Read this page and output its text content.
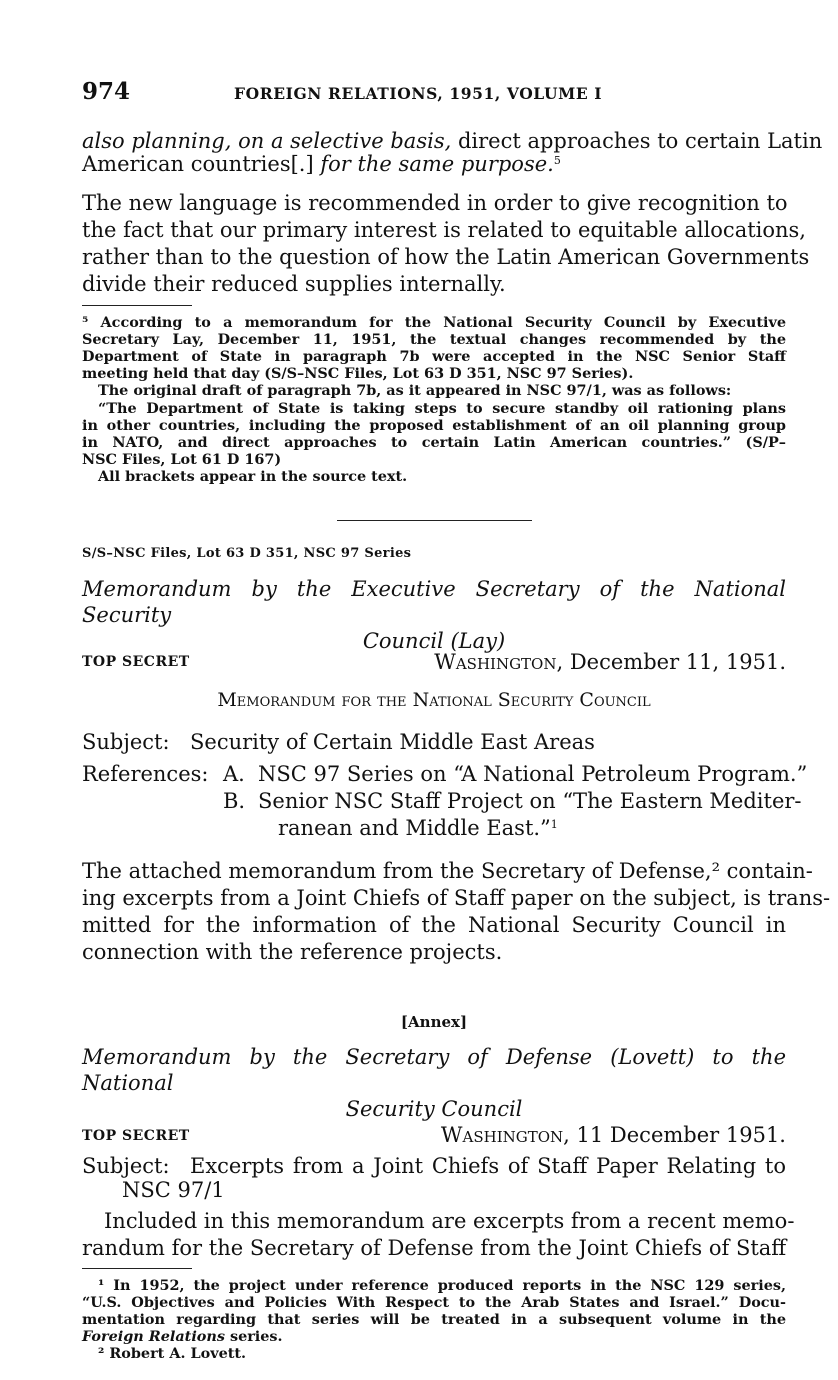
974	FOREIGN RELATIONS, 1951, VOLUME I
also planning, on a selective basis, direct approaches to certain Latin
American countries[.] for the same purpose.$^5$
The new language is recommended in order to give recognition to
the fact that our primary interest is related to equitable allocations,
rather than to the question of how the Latin American Governments
divide their reduced supplies internally.
⁵ According to a memorandum for the National Security Council by Executive
Secretary Lay, December 11, 1951, the textual changes recommended by the
Department of State in paragraph 7b were accepted in the NSC Senior Staff
meeting held that day (S/S–NSC Files, Lot 63 D 351, NSC 97 Series).
The original draft of paragraph 7b, as it appeared in NSC 97/1, was as follows:
“The Department of State is taking steps to secure standby oil rationing plans
in other countries, including the proposed establishment of an oil planning group
in NATO, and direct approaches to certain Latin American countries.” (S/P–
NSC Files, Lot 61 D 167)
All brackets appear in the source text.
S/S–NSC Files, Lot 63 D 351, NSC 97 Series
Memorandum by the Executive Secretary of the National Security
Council (Lay)
TOP SECRET	Washington, December 11, 1951.
Memorandum for the National Security Council
Subject: Security of Certain Middle East Areas
References: A. NSC 97 Series on “A National Petroleum Program.”
B. Senior NSC Staff Project on “The Eastern Mediter-
ranean and Middle East.”$^1$
The attached memorandum from the Secretary of Defense,² contain-
ing excerpts from a Joint Chiefs of Staff paper on the subject, is trans-
mitted for the information of the National Security Council in
connection with the reference projects.
[Annex]
Memorandum by the Secretary of Defense (Lovett) to the National
Security Council
TOP SECRET	Washington, 11 December 1951.
Subject: Excerpts from a Joint Chiefs of Staff Paper Relating to
NSC 97/1
Included in this memorandum are excerpts from a recent memo-
randum for the Secretary of Defense from the Joint Chiefs of Staff
¹ In 1952, the project under reference produced reports in the NSC 129 series,
“U.S. Objectives and Policies With Respect to the Arab States and Israel.” Docu-
mentation regarding that series will be treated in a subsequent volume in the
Foreign Relations series.
² Robert A. Lovett.
